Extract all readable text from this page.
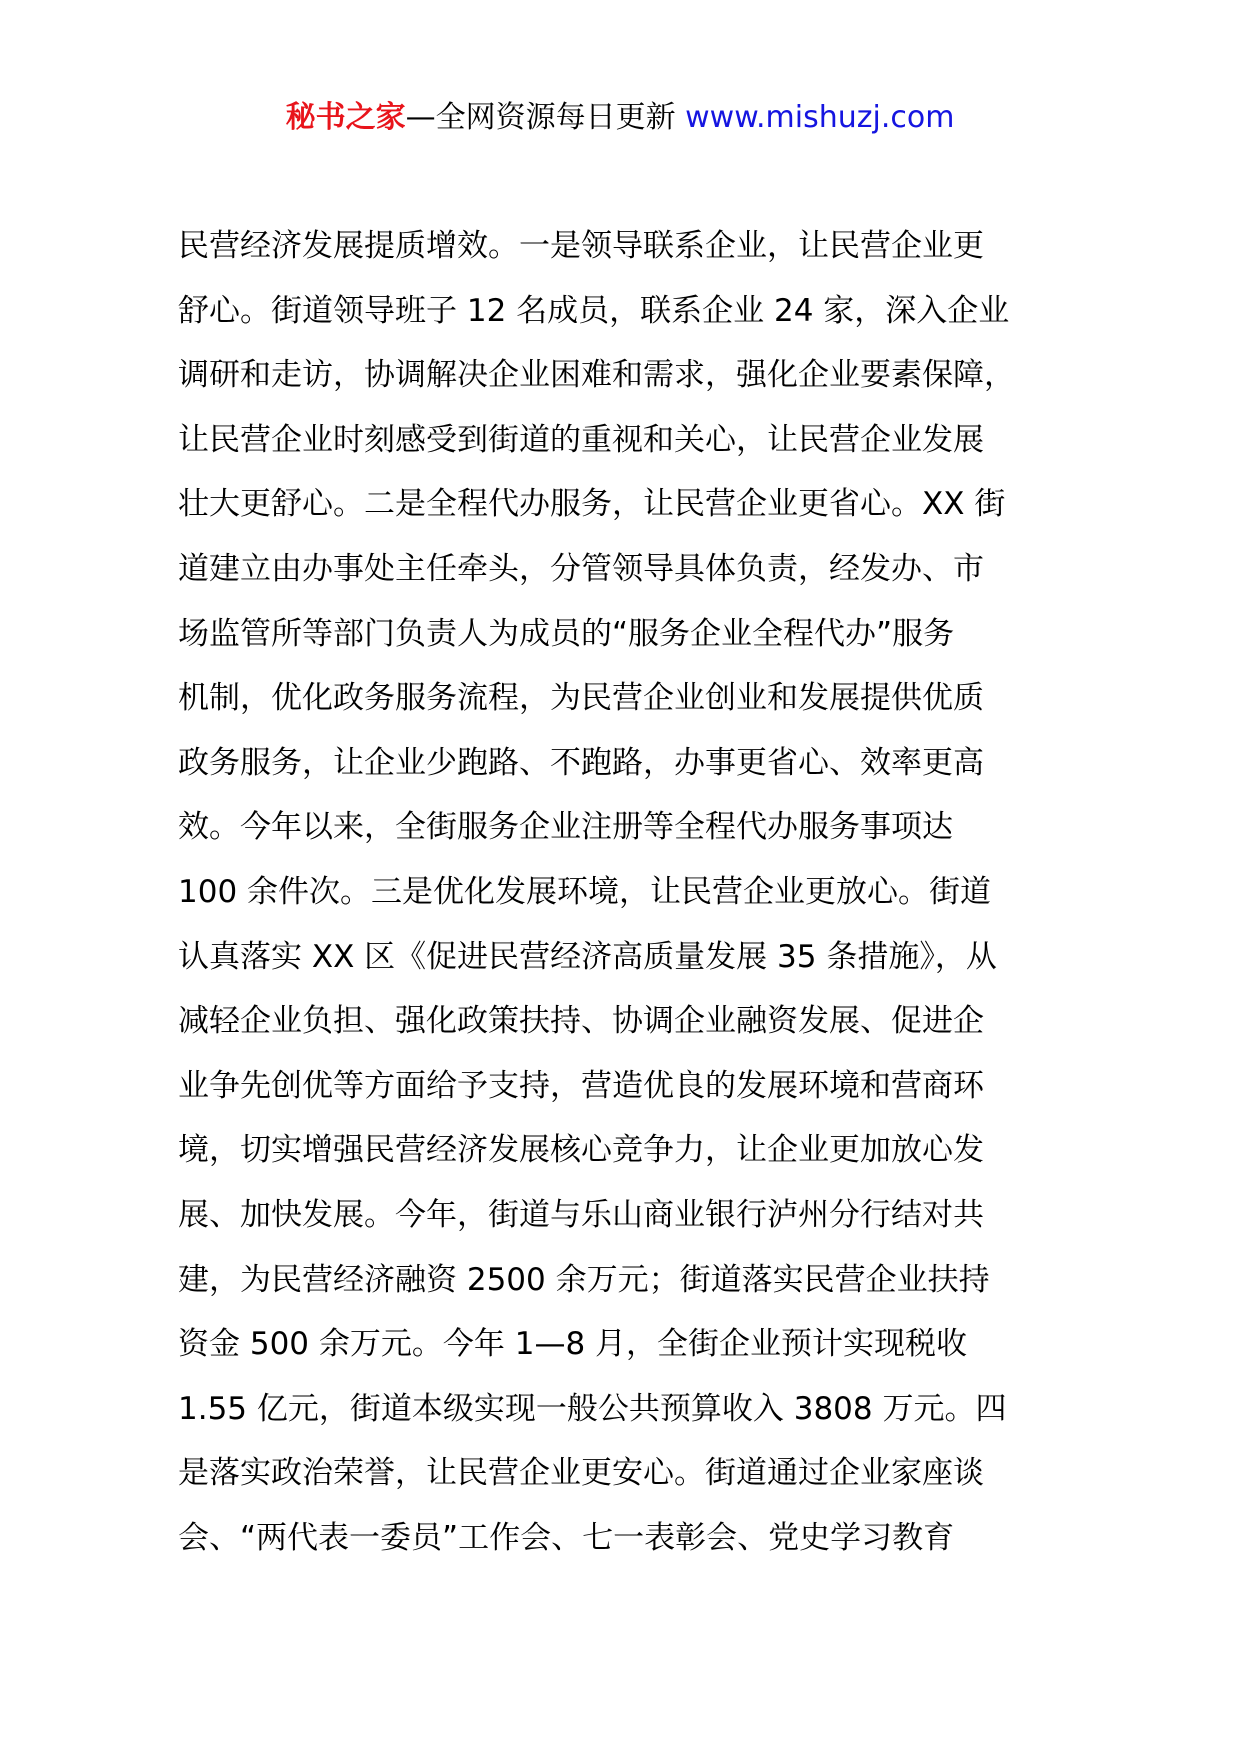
秘书之家—全网资源每日更新 www.mishuzj.com
民营经济发展提质增效。一是领导联系企业，让民营企业更
舒心。街道领导班子 12 名成员，联系企业 24 家，深入企业
调研和走访，协调解决企业困难和需求，强化企业要素保障，
让民营企业时刻感受到街道的重视和关心，让民营企业发展
壮大更舒心。二是全程代办服务，让民营企业更省心。XX 街
道建立由办事处主任牵头，分管领导具体负责，经发办、市
场监管所等部门负责人为成员的“服务企业全程代办”服务
机制，优化政务服务流程，为民营企业创业和发展提供优质
政务服务，让企业少跑路、不跑路，办事更省心、效率更高
效。今年以来，全街服务企业注册等全程代办服务事项达
100 余件次。三是优化发展环境，让民营企业更放心。街道
认真落实 XX 区《促进民营经济高质量发展 35 条措施》，从
减轻企业负担、强化政策扶持、协调企业融资发展、促进企
业争先创优等方面给予支持，营造优良的发展环境和营商环
境，切实增强民营经济发展核心竞争力，让企业更加放心发
展、加快发展。今年，街道与乐山商业银行泸州分行结对共
建，为民营经济融资 2500 余万元；街道落实民营企业扶持
资金 500 余万元。今年 1—8 月，全街企业预计实现税收
1.55 亿元，街道本级实现一般公共预算收入 3808 万元。四
是落实政治荣誉，让民营企业更安心。街道通过企业家座谈
会、“两代表一委员”工作会、七一表彰会、党史学习教育
